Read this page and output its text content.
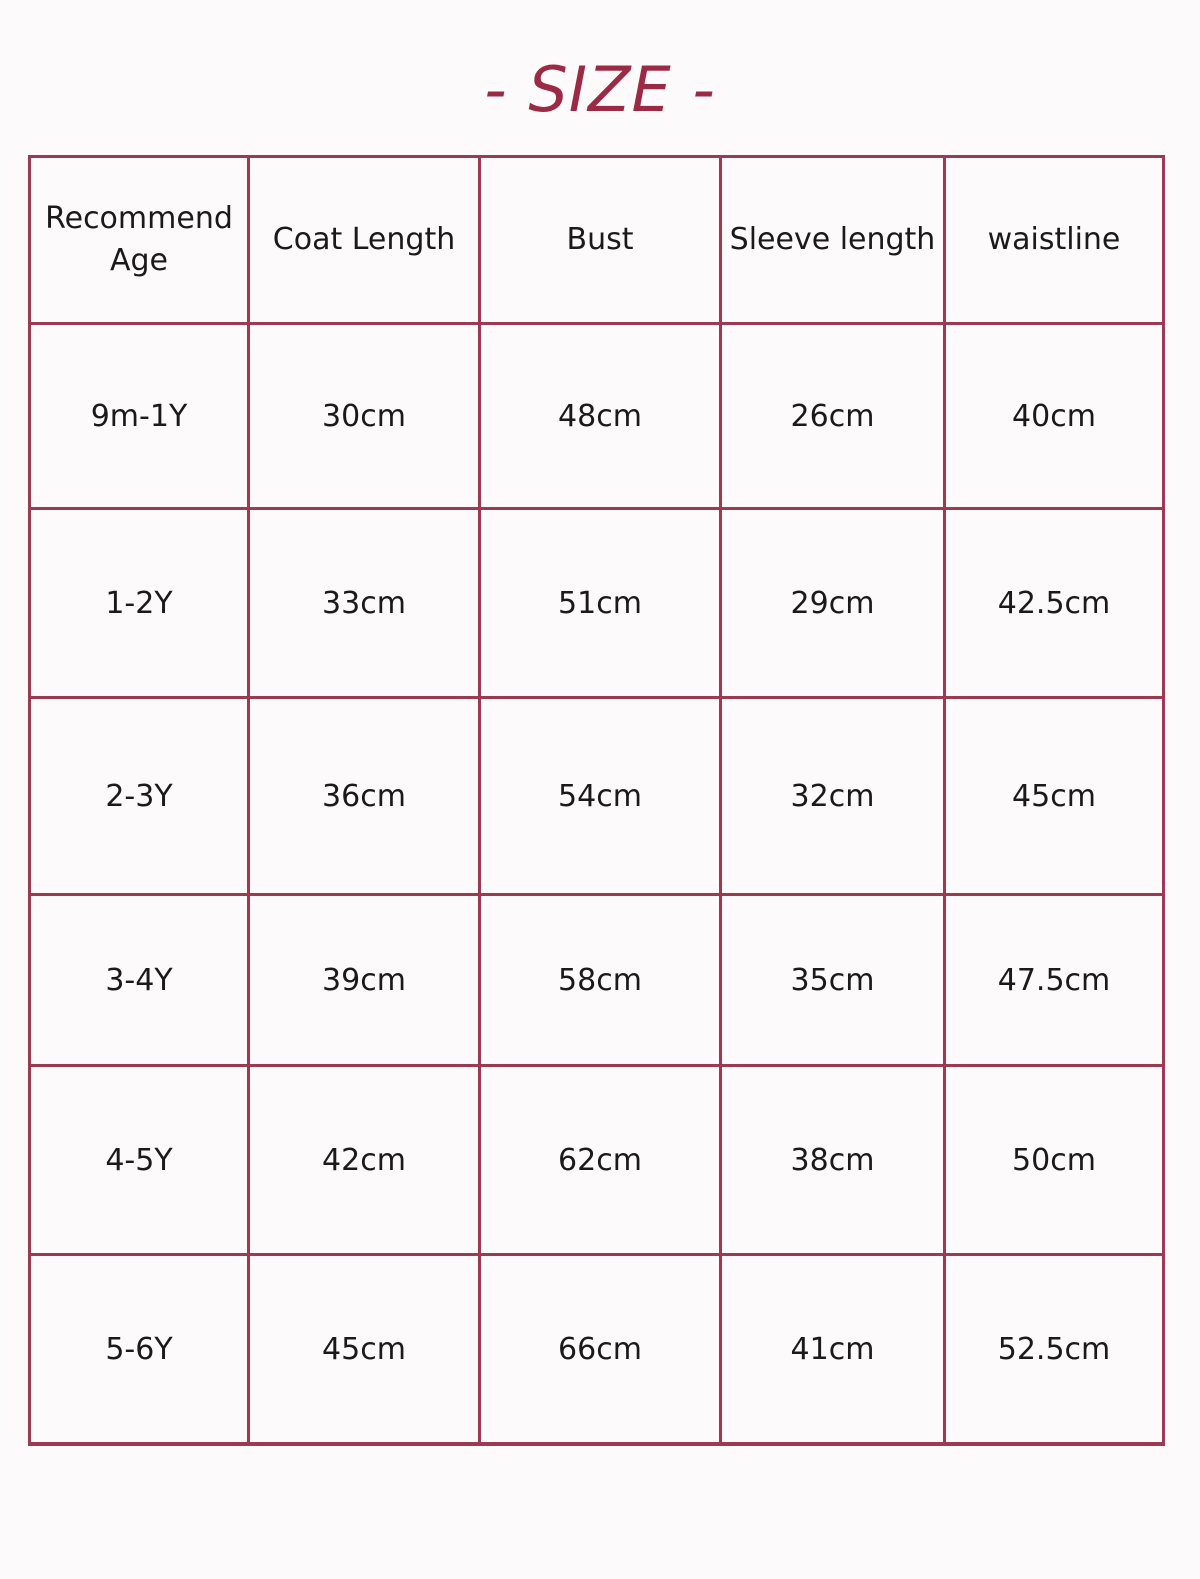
- SIZE -
Recommend Age	Coat Length	Bust	Sleeve length	waistline
9m-1Y	30cm	48cm	26cm	40cm
1-2Y	33cm	51cm	29cm	42.5cm
2-3Y	36cm	54cm	32cm	45cm
3-4Y	39cm	58cm	35cm	47.5cm
4-5Y	42cm	62cm	38cm	50cm
5-6Y	45cm	66cm	41cm	52.5cm
